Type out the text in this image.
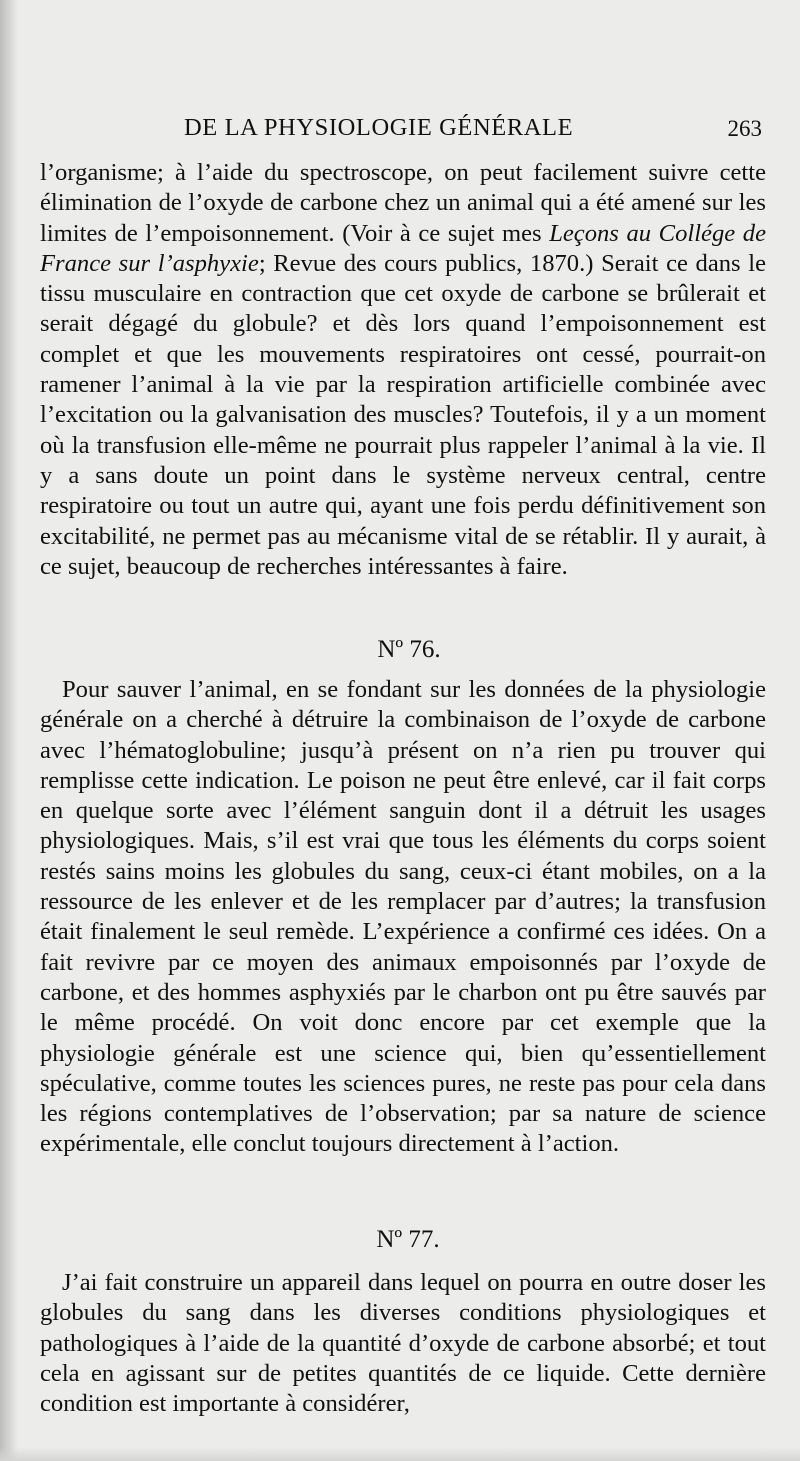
DE LA PHYSIOLOGIE GÉNÉRALE	263

l’organisme; à l’aide du spectroscope, on peut facilement suivre cette élimination de l’oxyde de carbone chez un animal qui a été amené sur les limites de l’empoisonnement. (Voir à ce sujet mes Leçons au Collége de France sur l’asphyxie; Revue des cours publics, 1870.) Serait ce dans le tissu musculaire en contraction que cet oxyde de carbone se brûlerait et serait dégagé du globule? et dès lors quand l’empoisonnement est complet et que les mouvements respiratoires ont cessé, pourrait-on ramener l’animal à la vie par la respiration artificielle combinée avec l’excitation ou la galvanisation des muscles? Toutefois, il y a un moment où la transfusion elle-même ne pourrait plus rappeler l’animal à la vie. Il y a sans doute un point dans le système nerveux central, centre respiratoire ou tout un autre qui, ayant une fois perdu définitivement son excitabilité, ne permet pas au mécanisme vital de se rétablir. Il y aurait, à ce sujet, beaucoup de recherches intéressantes à faire.

Nº 76.

Pour sauver l’animal, en se fondant sur les données de la physiologie générale on a cherché à détruire la combinaison de l’oxyde de carbone avec l’hématoglobuline; jusqu’à présent on n’a rien pu trouver qui remplisse cette indication. Le poison ne peut être enlevé, car il fait corps en quelque sorte avec l’élément sanguin dont il a détruit les usages physiologiques. Mais, s’il est vrai que tous les éléments du corps soient restés sains moins les globules du sang, ceux-ci étant mobiles, on a la ressource de les enlever et de les remplacer par d’autres; la transfusion était finalement le seul remède. L’expérience a confirmé ces idées. On a fait revivre par ce moyen des animaux empoisonnés par l’oxyde de carbone, et des hommes asphyxiés par le charbon ont pu être sauvés par le même procédé. On voit donc encore par cet exemple que la physiologie générale est une science qui, bien qu’essentiellement spéculative, comme toutes les sciences pures, ne reste pas pour cela dans les régions contemplatives de l’observation; par sa nature de science expérimentale, elle conclut toujours directement à l’action.

Nº 77.

J’ai fait construire un appareil dans lequel on pourra en outre doser les globules du sang dans les diverses conditions physiologiques et pathologiques à l’aide de la quantité d’oxyde de carbone absorbé; et tout cela en agissant sur de petites quantités de ce liquide. Cette dernière condition est importante à considérer,
